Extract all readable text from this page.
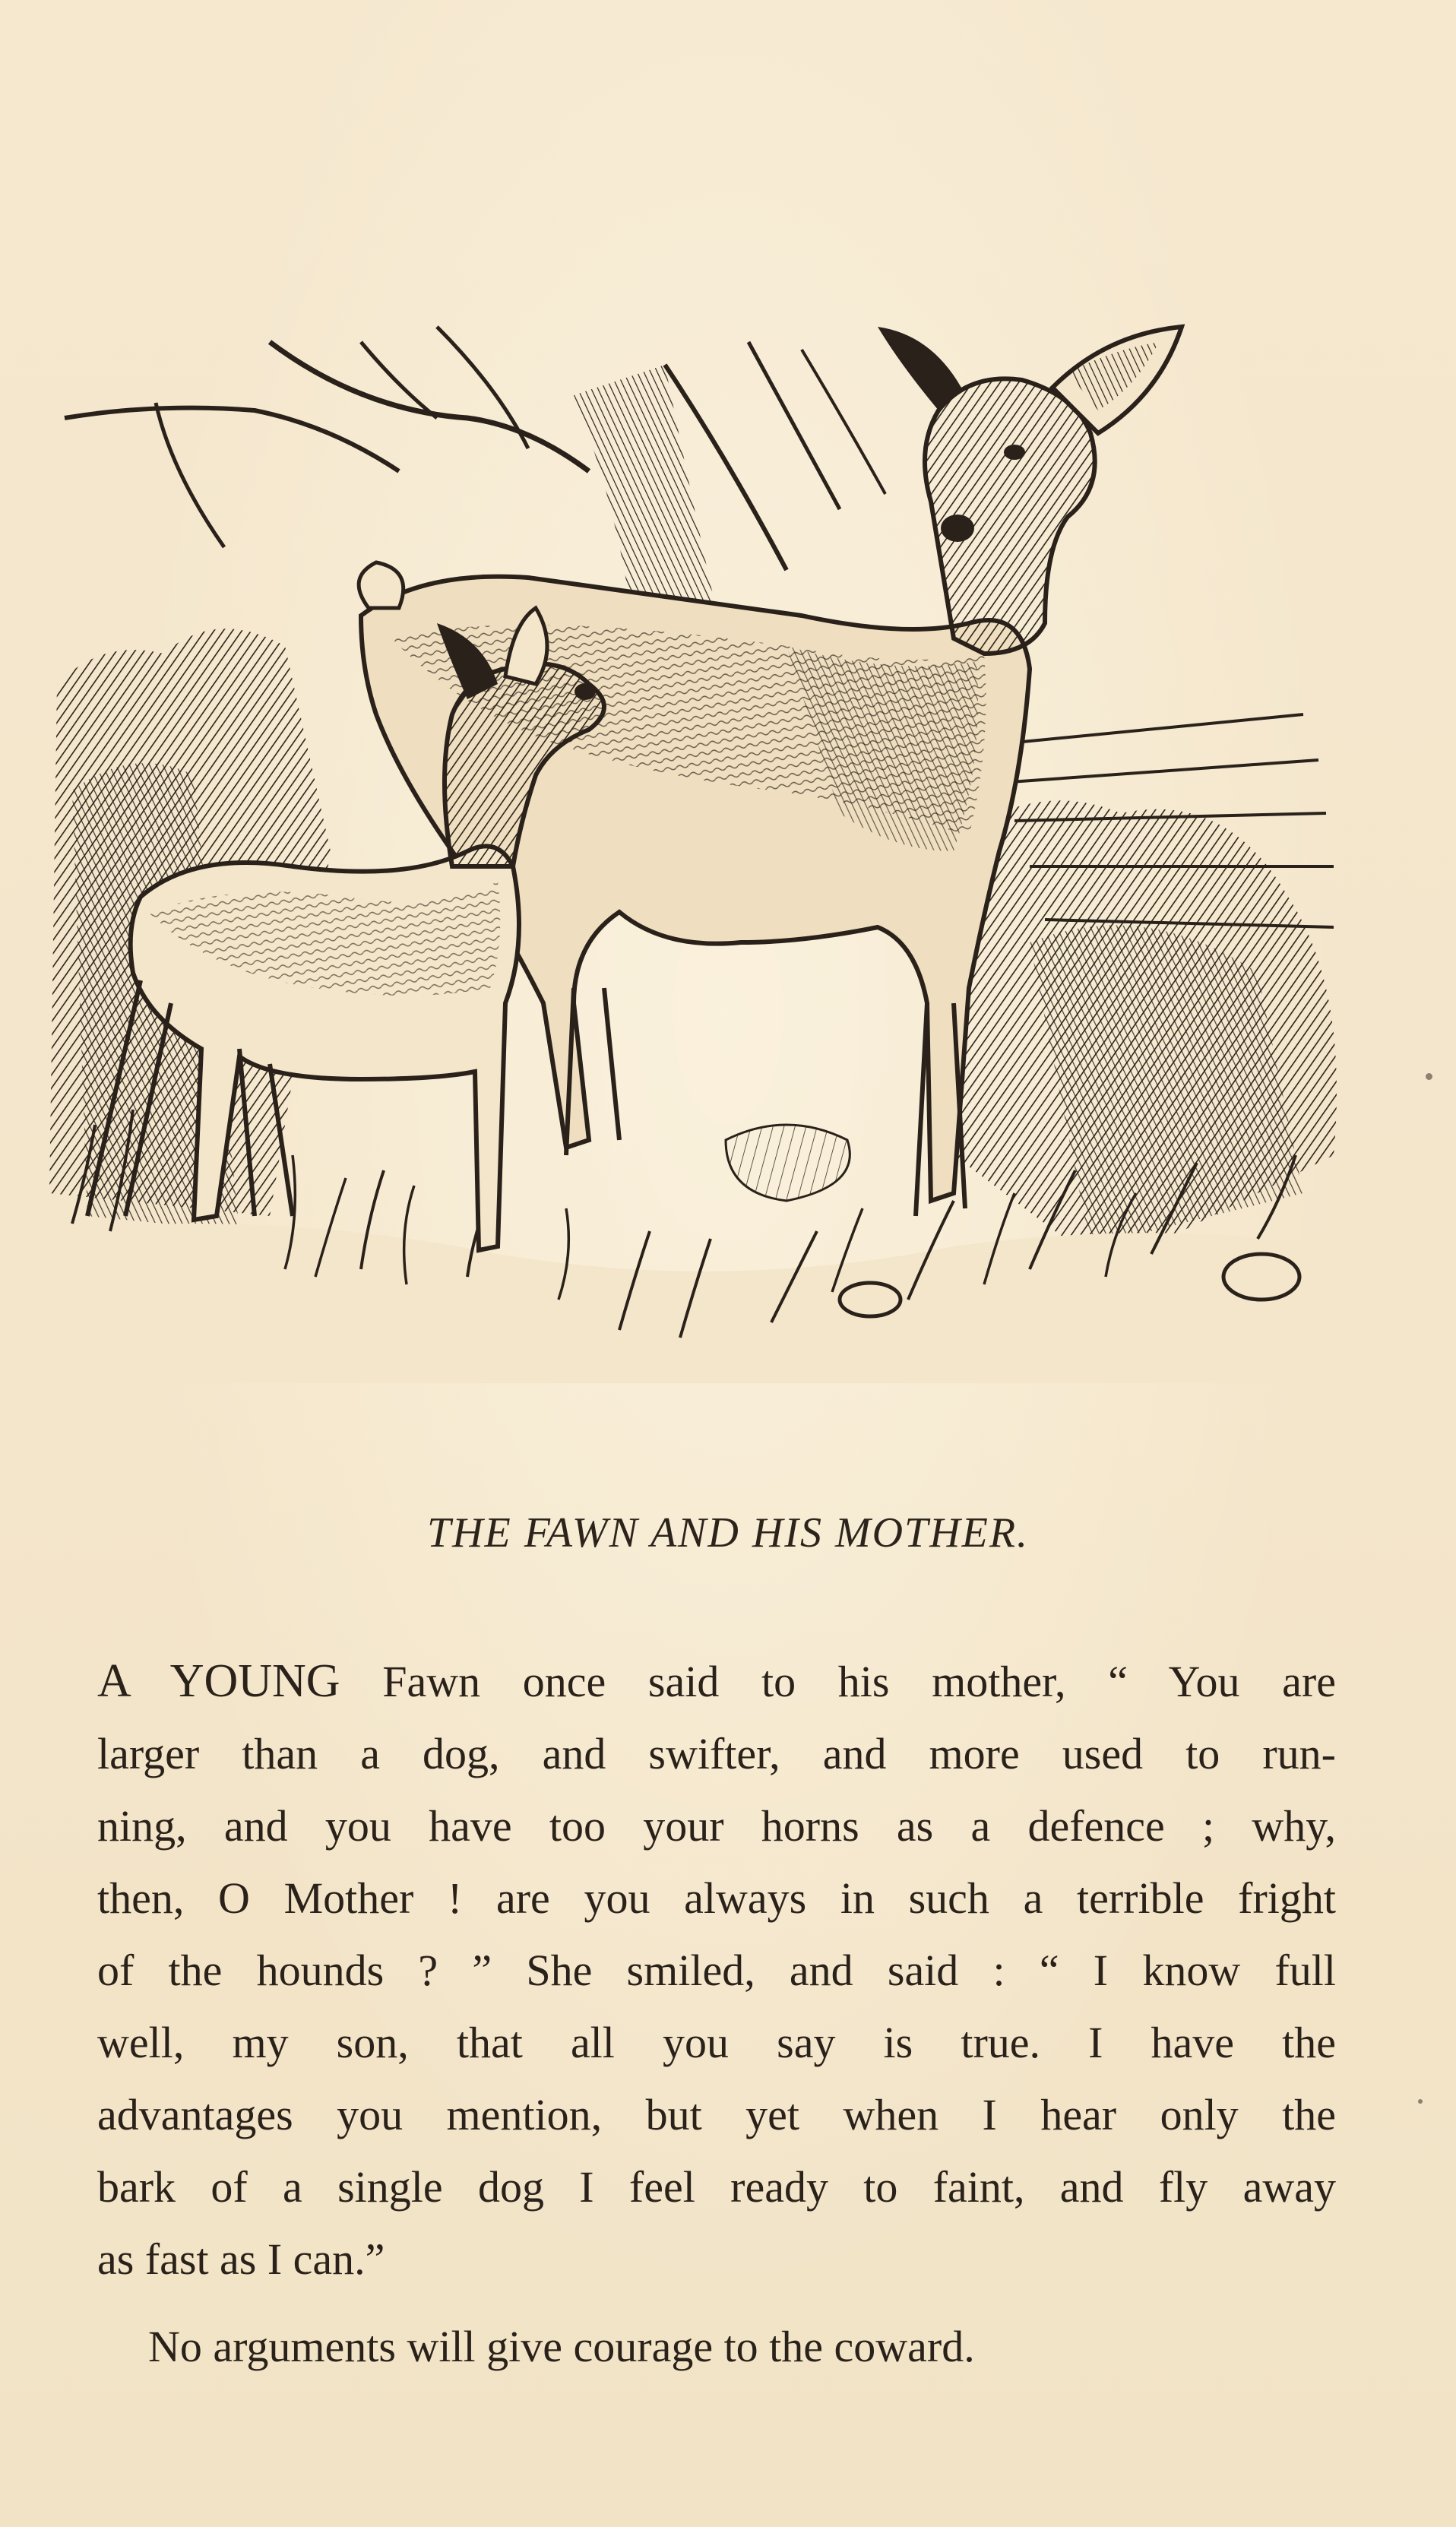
THE FAWN AND HIS MOTHER.
A YOUNG Fawn once said to his mother, “ You are
larger than a dog, and swifter, and more used to run-
ning, and you have too your horns as a defence ; why,
then, O Mother ! are you always in such a terrible fright
of the hounds ? ” She smiled, and said : “ I know full
well, my son, that all you say is true. I have the
advantages you mention, but yet when I hear only the
bark of a single dog I feel ready to faint, and fly away
as fast as I can.”
No arguments will give courage to the coward.
